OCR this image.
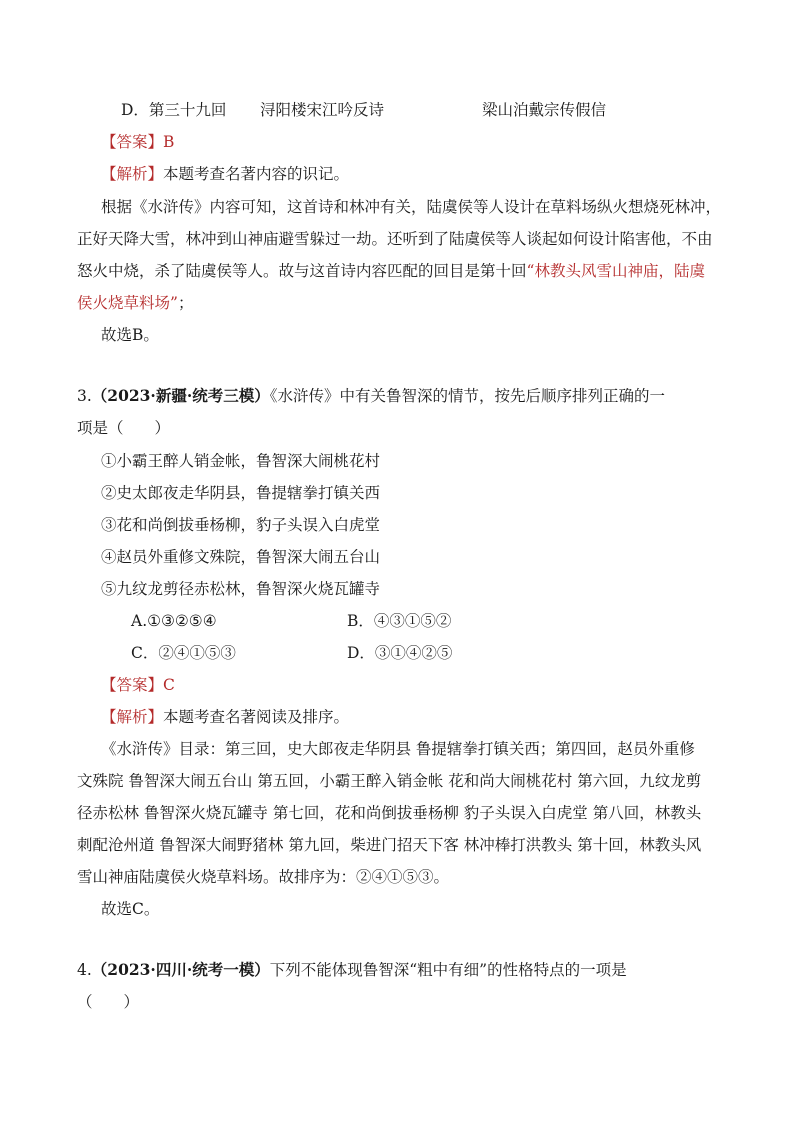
D．第三十九回 浔阳楼宋江吟反诗	梁山泊戴宗传假信
【答案】B
【解析】本题考查名著内容的识记。
根据《水浒传》内容可知，这首诗和林冲有关，陆虞侯等人设计在草料场纵火想烧死林冲，
正好天降大雪，林冲到山神庙避雪躲过一劫。还听到了陆虞侯等人谈起如何设计陷害他，不由
怒火中烧，杀了陆虞侯等人。故与这首诗内容匹配的回目是第十回“林教头风雪山神庙，陆虞
侯火烧草料场”；
故选B。
3.（2023·新疆·统考三模）《水浒传》中有关鲁智深的情节，按先后顺序排列正确的一
项是（　　）
①小霸王醉人销金帐，鲁智深大闹桃花村
②史太郎夜走华阴县，鲁提辖拳打镇关西
③花和尚倒拔垂杨柳，豹子头误入白虎堂
④赵员外重修文殊院，鲁智深大闹五台山
⑤九纹龙剪径赤松林，鲁智深火烧瓦罐寺
A.①③②⑤④	B．④③①⑤②
C．②④①⑤③	D．③①④②⑤
【答案】C
【解析】本题考查名著阅读及排序。
《水浒传》目录：第三回，史大郎夜走华阴县 鲁提辖拳打镇关西；第四回，赵员外重修
文殊院 鲁智深大闹五台山 第五回，小霸王醉入销金帐 花和尚大闹桃花村 第六回，九纹龙剪
径赤松林 鲁智深火烧瓦罐寺 第七回，花和尚倒拔垂杨柳 豹子头误入白虎堂 第八回，林教头
刺配沧州道 鲁智深大闹野猪林 第九回，柴进门招天下客 林冲棒打洪教头 第十回，林教头风
雪山神庙陆虞侯火烧草料场。故排序为：②④①⑤③。
故选C。
4.（2023·四川·统考一模）下列不能体现鲁智深“粗中有细”的性格特点的一项是
（　　）
